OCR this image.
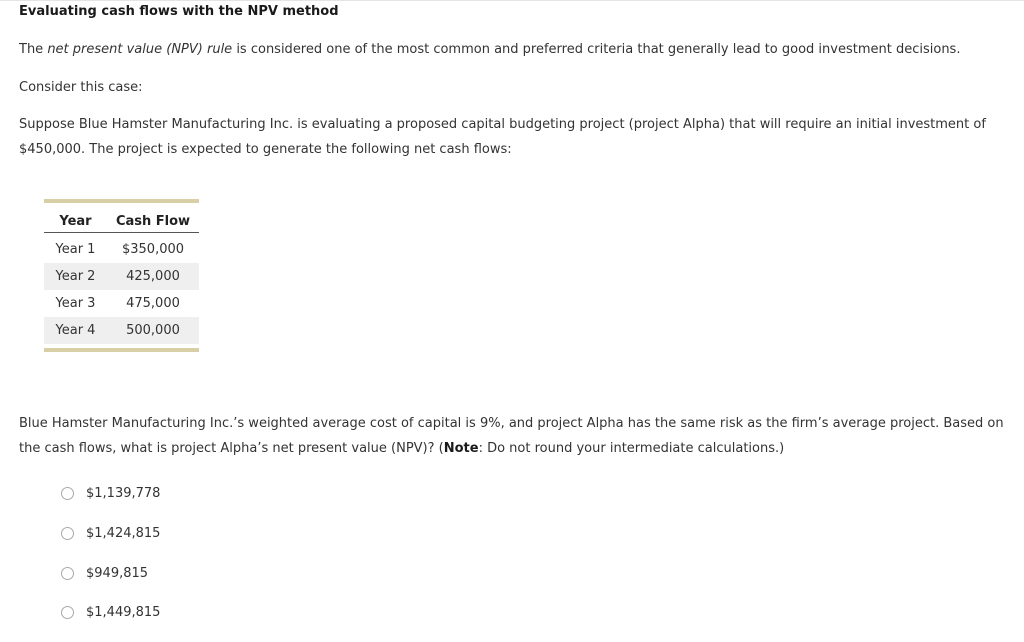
Evaluating cash flows with the NPV method
The net present value (NPV) rule is considered one of the most common and preferred criteria that generally lead to good investment decisions.
Consider this case:
Suppose Blue Hamster Manufacturing Inc. is evaluating a proposed capital budgeting project (project Alpha) that will require an initial investment of
$450,000. The project is expected to generate the following net cash flows:
Year	Cash Flow
Year 1	$350,000
Year 2	425,000
Year 3	475,000
Year 4	500,000
Blue Hamster Manufacturing Inc.’s weighted average cost of capital is 9%, and project Alpha has the same risk as the firm’s average project. Based on
the cash flows, what is project Alpha’s net present value (NPV)? (Note: Do not round your intermediate calculations.)
$1,139,778
$1,424,815
$949,815
$1,449,815
